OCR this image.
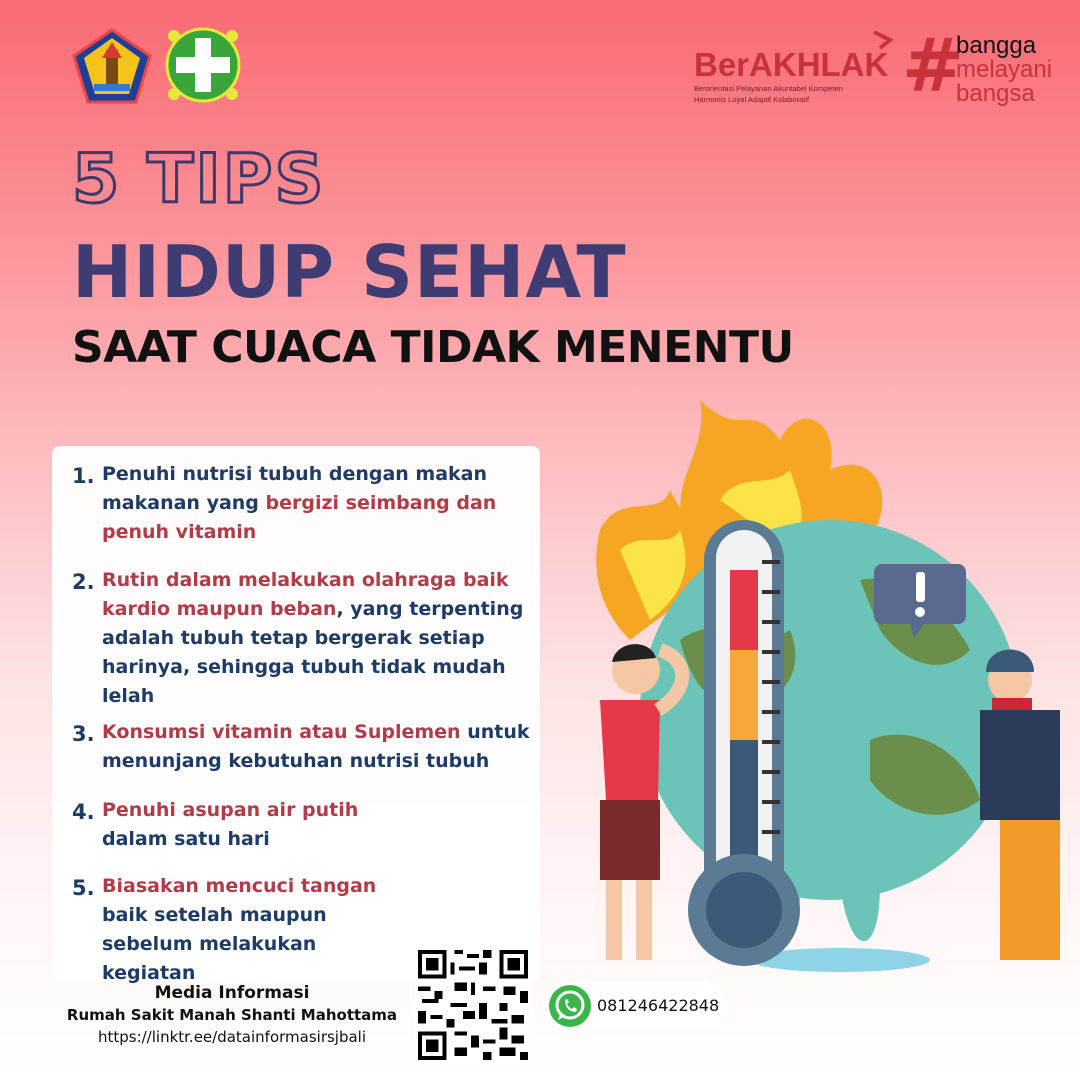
BerAKHLAK
Berorientasi Pelayanan Akuntabel Kompeten
Harmonis Loyal Adaptif Kolaboratif	#
bangga
melayani
bangsa
5 TIPS
HIDUP SEHAT
SAAT CUACA TIDAK MENENTU
1. Penuhi nutrisi tubuh dengan makan makanan yang bergizi seimbang dan penuh vitamin
2. Rutin dalam melakukan olahraga baik kardio maupun beban, yang terpenting adalah tubuh tetap bergerak setiap harinya, sehingga tubuh tidak mudah lelah
3. Konsumsi vitamin atau Suplemen untuk menunjang kebutuhan nutrisi tubuh
4. Penuhi asupan air putih dalam satu hari
5. Biasakan mencuci tangan baik setelah maupun sebelum melakukan kegiatan
Media Informasi
Rumah Sakit Manah Shanti Mahottama
https://linktr.ee/datainformasirsjbali
081246422848
